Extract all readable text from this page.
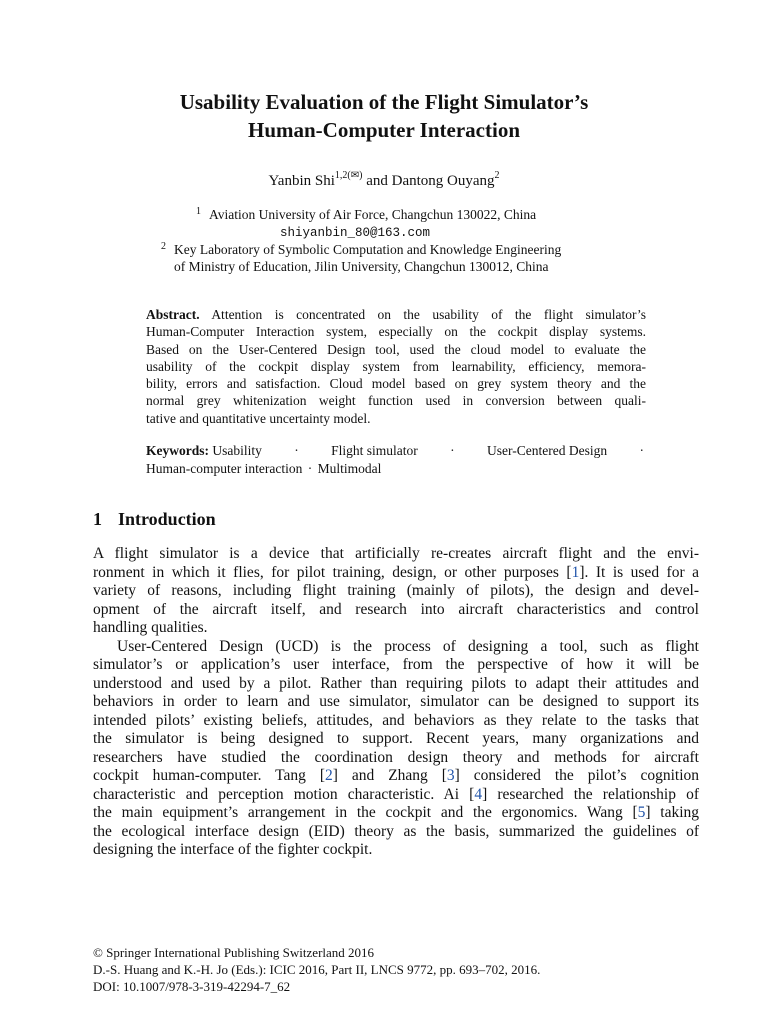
Usability Evaluation of the Flight Simulator’s
Human-Computer Interaction
Yanbin Shi$^{1,2(✉)}$ and Dantong Ouyang$^2$
$^1$ Aviation University of Air Force, Changchun 130022, China
shiyanbin_80@163.com
$^2$ Key Laboratory of Symbolic Computation and Knowledge Engineering
of Ministry of Education, Jilin University, Changchun 130012, China
Abstract. Attention is concentrated on the usability of the flight simulator’s
Human-Computer Interaction system, especially on the cockpit display systems.
Based on the User-Centered Design tool, used the cloud model to evaluate the
usability of the cockpit display system from learnability, efficiency, memora-
bility, errors and satisfaction. Cloud model based on grey system theory and the
normal grey whitenization weight function used in conversion between quali-
tative and quantitative uncertainty model.
Keywords: Usability · Flight simulator · User-Centered Design ·
Human-computer interaction · Multimodal
1 Introduction
A flight simulator is a device that artificially re-creates aircraft flight and the envi-
ronment in which it flies, for pilot training, design, or other purposes [1]. It is used for a
variety of reasons, including flight training (mainly of pilots), the design and devel-
opment of the aircraft itself, and research into aircraft characteristics and control
handling qualities.
User-Centered Design (UCD) is the process of designing a tool, such as flight
simulator’s or application’s user interface, from the perspective of how it will be
understood and used by a pilot. Rather than requiring pilots to adapt their attitudes and
behaviors in order to learn and use simulator, simulator can be designed to support its
intended pilots’ existing beliefs, attitudes, and behaviors as they relate to the tasks that
the simulator is being designed to support. Recent years, many organizations and
researchers have studied the coordination design theory and methods for aircraft
cockpit human-computer. Tang [2] and Zhang [3] considered the pilot’s cognition
characteristic and perception motion characteristic. Ai [4] researched the relationship of
the main equipment’s arrangement in the cockpit and the ergonomics. Wang [5] taking
the ecological interface design (EID) theory as the basis, summarized the guidelines of
designing the interface of the fighter cockpit.
© Springer International Publishing Switzerland 2016
D.-S. Huang and K.-H. Jo (Eds.): ICIC 2016, Part II, LNCS 9772, pp. 693–702, 2016.
DOI: 10.1007/978-3-319-42294-7_62
